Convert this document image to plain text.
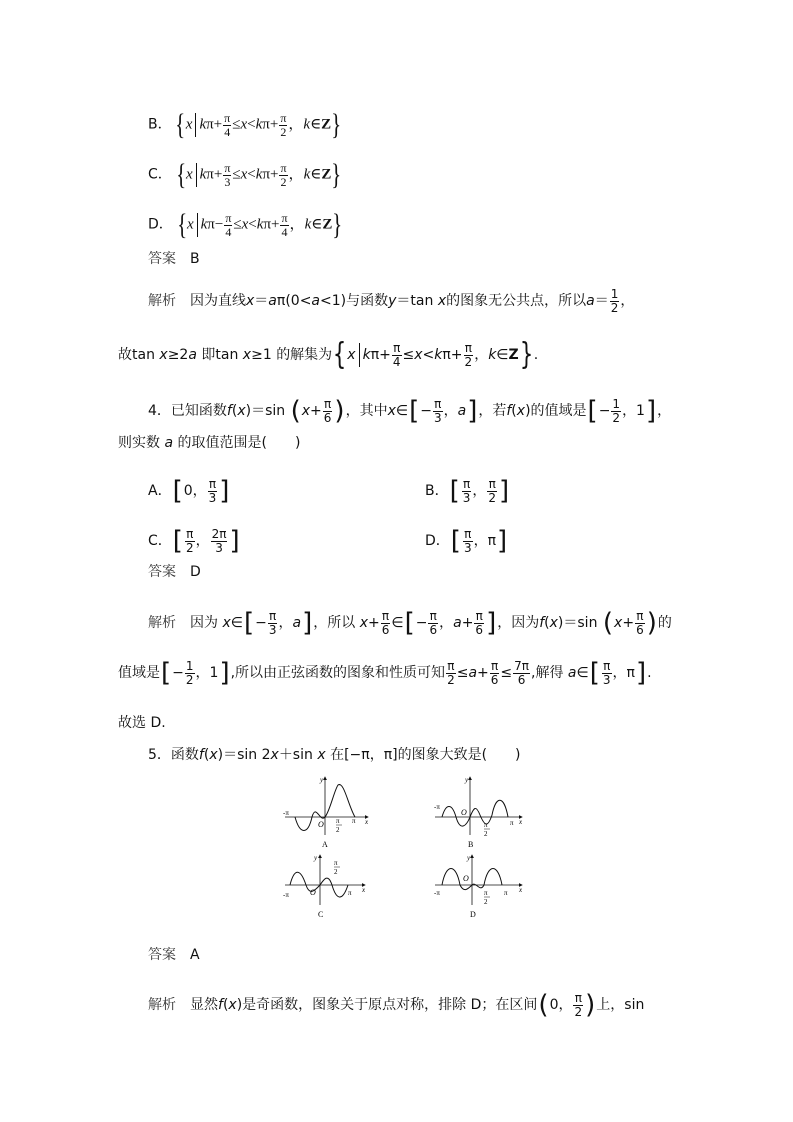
B． {x $k\pi+ \frac{\pi}{4} \le x<k\pi+ \frac{\pi}{2}$ ，k∈Z}
C． {x $k\pi+ \frac{\pi}{3} \le x<k\pi+ \frac{\pi}{2}$ ，k∈Z}
D． {x $k\pi- \frac{\pi}{4} \le x<k\pi+ \frac{\pi}{4}$ ，k∈Z}
答案　 B
解析　 因为直线x＝aπ(0<a<1)与函数y＝tan x的图象无公共点，所以$a= \frac{1}{2}$ ，
故tan x≥2a 即tan x≥1 的解集为{x $k\pi+ \frac{\pi}{4} \le x<k\pi+ \frac{\pi}{2}$ ，k∈Z}.
4．已知函数f(x)＝sin ($x+ \frac{\pi}{6}$ )，其中x∈[− $\frac{\pi}{3}$ ，a]，若f(x)的值域是[− $\frac{1}{2}$ ，1]，
则实数 a 的取值范围是(　　)
A．[0， $\frac{\pi}{3}$ ]	B．[ $\frac{\pi}{3}$ ， $\frac{\pi}{2}$ ]
C．[ $\frac{\pi}{2}$ ， $\frac{2\pi}{3}$ ]	D．[ $\frac{\pi}{3}$ ，π]
答案　 D
解析　 因为 x∈[− $\frac{\pi}{3}$ ，a]，所以 $x+ \frac{\pi}{6}$ ∈[− $\frac{\pi}{6}$ ，$a+ \frac{\pi}{6}$ ]，因为f(x)＝sin ($x+ \frac{\pi}{6}$ )的
值域是[− $\frac{1}{2}$ ，1],所以由正弦函数的图象和性质可知 $\frac{\pi}{2} \le a+ \frac{\pi}{6} \le \frac{7\pi}{6}$ ,解得 a∈[ $\frac{\pi}{3}$ ，π].
故选 D.
5．函数f(x)＝sin 2x＋sin x 在[−π，π]的图象大致是(　　)
-π
O π
2
π x
y
A
-π
O
π
2
π x
y
B
-π	O
π
2
π x
y
C
-π
O
π
2
π x
y
D
答案　 A
解析　 显然f(x)是奇函数，图象关于原点对称，排除 D；在区间(0， $\frac{\pi}{2}$ )上，sin
